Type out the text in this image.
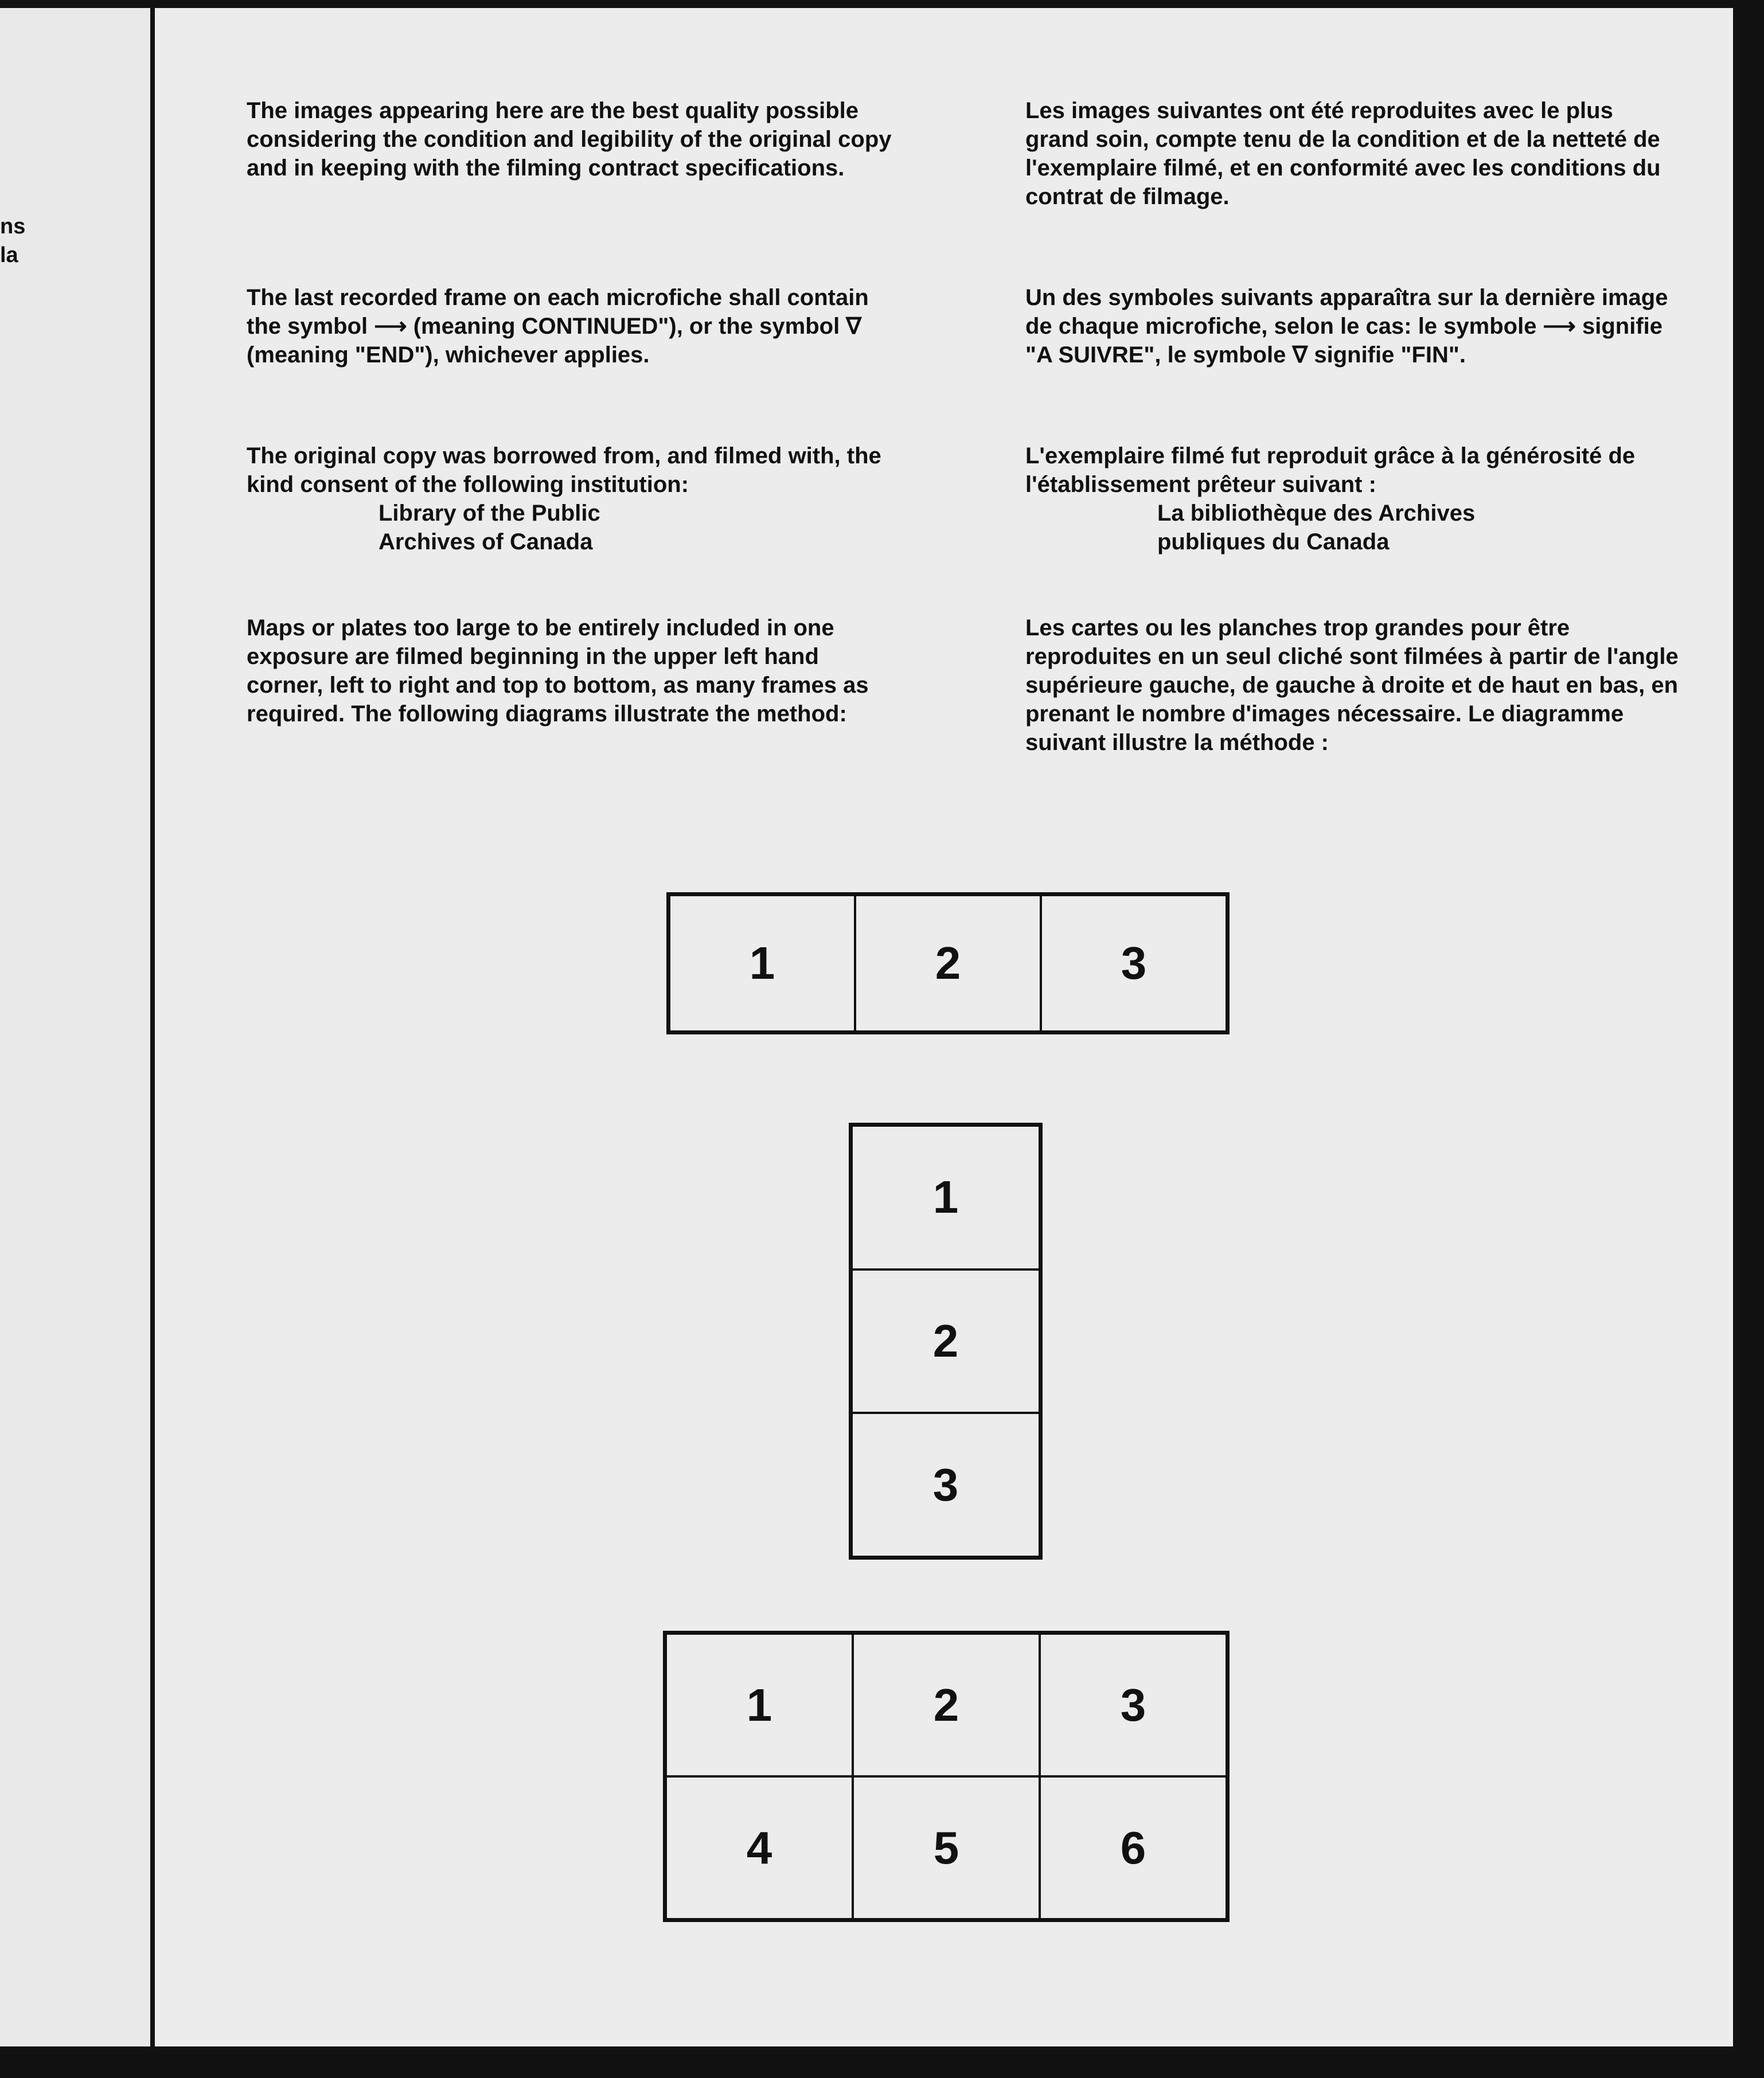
ns
la

The images appearing here are the best quality possible considering the condition and legibility of the original copy and in keeping with the filming contract specifications.

The last recorded frame on each microfiche shall contain the symbol ⟶ (meaning CONTINUED"), or the symbol ∇ (meaning "END"), whichever applies.

The original copy was borrowed from, and filmed with, the kind consent of the following institution:

Library of the Public
Archives of Canada

Maps or plates too large to be entirely included in one exposure are filmed beginning in the upper left hand corner, left to right and top to bottom, as many frames as required. The following diagrams illustrate the method:

Les images suivantes ont été reproduites avec le plus grand soin, compte tenu de la condition et de la netteté de l'exemplaire filmé, et en conformité avec les conditions du contrat de filmage.

Un des symboles suivants apparaîtra sur la dernière image de chaque microfiche, selon le cas: le symbole ⟶ signifie "A SUIVRE", le symbole ∇ signifie "FIN".

L'exemplaire filmé fut reproduit grâce à la générosité de l'établissement prêteur suivant :

La bibliothèque des Archives
publiques du Canada

Les cartes ou les planches trop grandes pour être reproduites en un seul cliché sont filmées à partir de l'angle supérieure gauche, de gauche à droite et de haut en bas, en prenant le nombre d'images nécessaire. Le diagramme suivant illustre la méthode :

1	2	3
1
2
3
1	2	3
4	5	6
